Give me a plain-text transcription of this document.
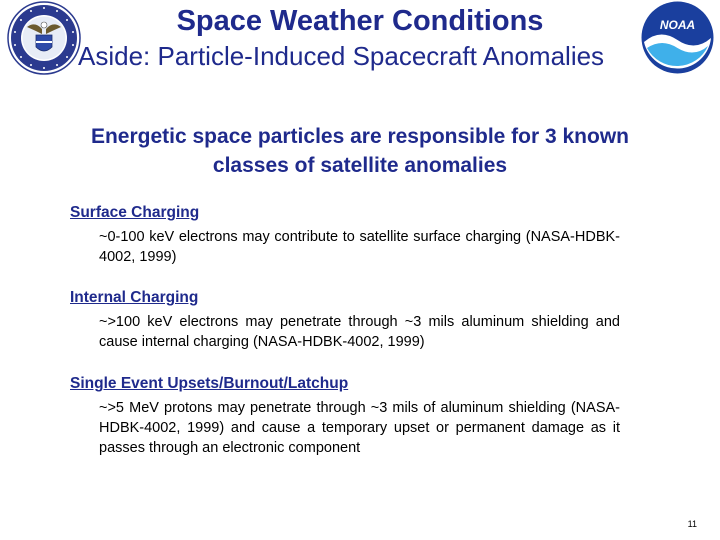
NOAA
Space Weather Conditions
Aside: Particle-Induced Spacecraft Anomalies
Energetic space particles are responsible for 3 known classes of satellite anomalies

Surface Charging

~0-100 keV electrons may contribute to satellite surface charging (NASA-HDBK-4002, 1999)

Internal Charging

~>100 keV electrons may penetrate through ~3 mils aluminum shielding and cause internal charging (NASA-HDBK-4002, 1999)

Single Event Upsets/Burnout/Latchup

~>5 MeV protons may penetrate through ~3 mils of aluminum shielding (NASA-HDBK-4002, 1999) and cause a temporary upset or permanent damage as it passes through an electronic component

11
